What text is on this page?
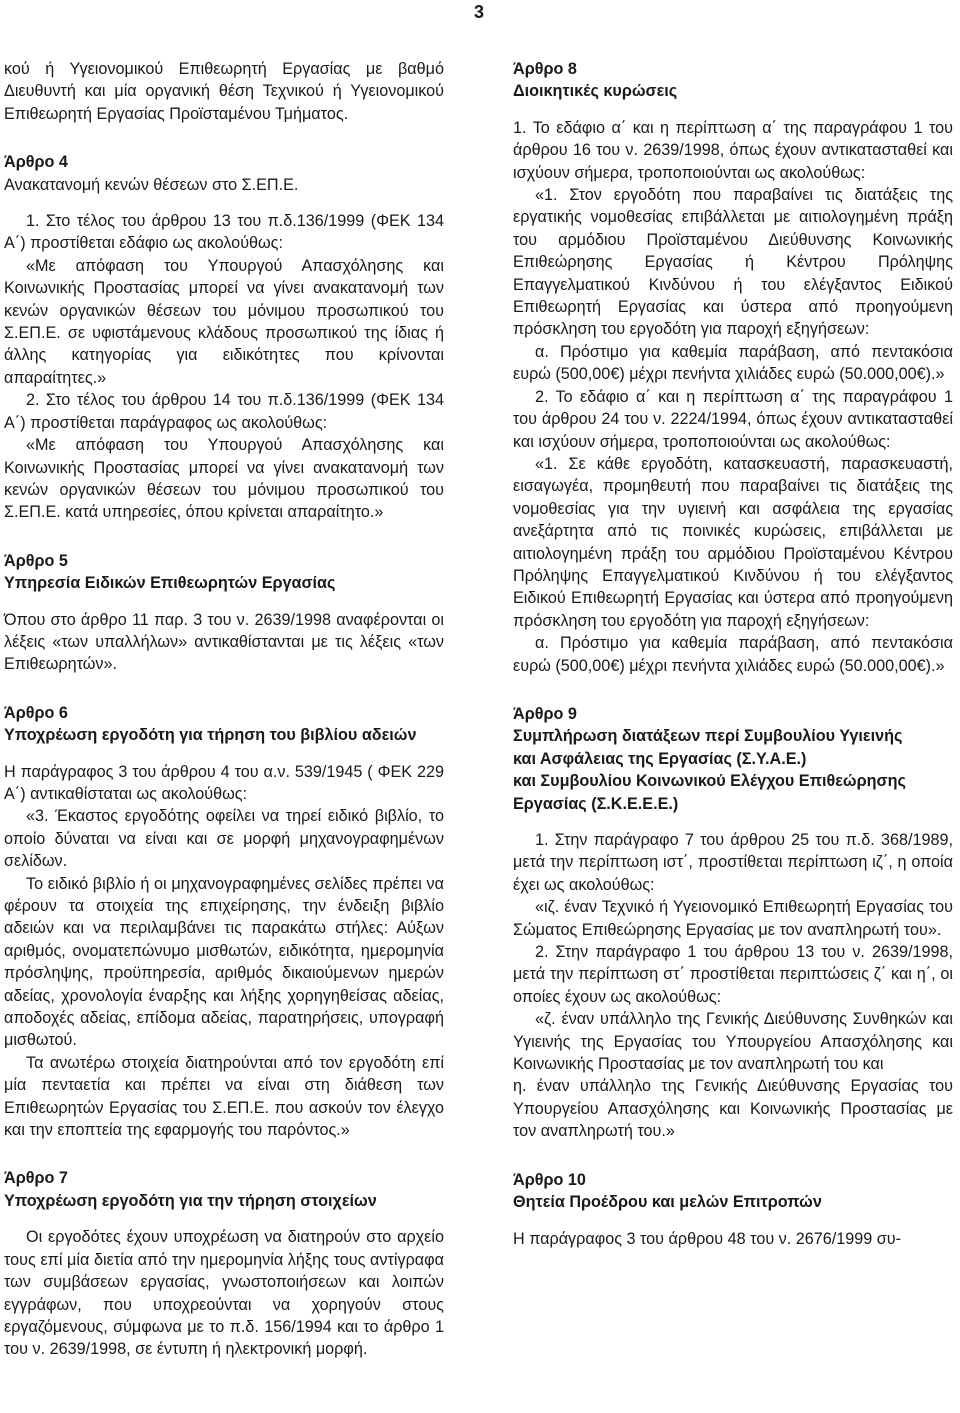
3

κού ή Υγειονομικού Επιθεωρητή Εργασίας με βαθμό Διευθυντή και μία οργανική θέση Τεχνικού ή Υγειονομικού Επιθεωρητή Εργασίας Προϊσταμένου Τμήματος.

Άρθρο 4

Ανακατανομή κενών θέσεων στο Σ.ΕΠ.Ε.

1. Στο τέλος του άρθρου 13 του π.δ.136/1999 (ΦΕΚ 134 Α΄) προστίθεται εδάφιο ως ακολούθως:

«Με απόφαση του Υπουργού Απασχόλησης και Κοινωνικής Προστασίας μπορεί να γίνει ανακατανομή των κενών οργανικών θέσεων του μόνιμου προσωπικού του Σ.ΕΠ.Ε. σε υφιστάμενους κλάδους προσωπικού της ίδιας ή άλλης κατηγορίας για ειδικότητες που κρίνονται απαραίτητες.»

2. Στο τέλος του άρθρου 14 του π.δ.136/1999 (ΦΕΚ 134 Α΄) προστίθεται παράγραφος ως ακολούθως:

«Με απόφαση του Υπουργού Απασχόλησης και Κοινωνικής Προστασίας μπορεί να γίνει ανακατανομή των κενών οργανικών θέσεων του μόνιμου προσωπικού του Σ.ΕΠ.Ε. κατά υπηρεσίες, όπου κρίνεται απαραίτητο.»

Άρθρο 5

Υπηρεσία Ειδικών Επιθεωρητών Εργασίας

Όπου στο άρθρο 11 παρ. 3 του ν. 2639/1998 αναφέρονται οι λέξεις «των υπαλλήλων» αντικαθίστανται με τις λέξεις «των Επιθεωρητών».

Άρθρο 6

Υποχρέωση εργοδότη για τήρηση του βιβλίου αδειών

Η παράγραφος 3 του άρθρου 4 του α.ν. 539/1945 ( ΦΕΚ 229 Α΄) αντικαθίσταται ως ακολούθως:

«3. Έκαστος εργοδότης οφείλει να τηρεί ειδικό βιβλίο, το οποίο δύναται να είναι και σε μορφή μηχανογραφημένων σελίδων.

Το ειδικό βιβλίο ή οι μηχανογραφημένες σελίδες πρέπει να φέρουν τα στοιχεία της επιχείρησης, την ένδειξη βιβλίο αδειών και να περιλαμβάνει τις παρακάτω στήλες: Αύξων αριθμός, ονοματεπώνυμο μισθωτών, ειδικότητα, ημερομηνία πρόσληψης, προϋπηρεσία, αριθμός δικαιούμενων ημερών αδείας, χρονολογία έναρξης και λήξης χορηγηθείσας αδείας, αποδοχές αδείας, επίδομα αδείας, παρατηρήσεις, υπογραφή μισθωτού.

Τα ανωτέρω στοιχεία διατηρούνται από τον εργοδότη επί μία πενταετία και πρέπει να είναι στη διάθεση των Επιθεωρητών Εργασίας του Σ.ΕΠ.Ε. που ασκούν τον έλεγχο και την εποπτεία της εφαρμογής του παρόντος.»

Άρθρο 7

Υποχρέωση εργοδότη για την τήρηση στοιχείων

Οι εργοδότες έχουν υποχρέωση να διατηρούν στο αρχείο τους επί μία διετία από την ημερομηνία λήξης τους αντίγραφα των συμβάσεων εργασίας, γνωστοποιήσεων και λοιπών εγγράφων, που υποχρεούνται να χορηγούν στους εργαζόμενους, σύμφωνα με το π.δ. 156/1994 και το άρθρο 1 του ν. 2639/1998, σε έντυπη ή ηλεκτρονική μορφή.

Άρθρο 8

Διοικητικές κυρώσεις

1. Το εδάφιο α΄ και η περίπτωση α΄ της παραγράφου 1 του άρθρου 16 του ν. 2639/1998, όπως έχουν αντικατασταθεί και ισχύουν σήμερα, τροποποιούνται ως ακολούθως:

«1. Στον εργοδότη που παραβαίνει τις διατάξεις της εργατικής νομοθεσίας επιβάλλεται με αιτιολογημένη πράξη του αρμόδιου Προϊσταμένου Διεύθυνσης Κοινωνικής Επιθεώρησης Εργασίας ή Κέντρου Πρόληψης Επαγγελματικού Κινδύνου ή του ελέγξαντος Ειδικού Επιθεωρητή Εργασίας και ύστερα από προηγούμενη πρόσκληση του εργοδότη για παροχή εξηγήσεων:

α. Πρόστιμο για καθεμία παράβαση, από πεντακόσια ευρώ (500,00€) μέχρι πενήντα χιλιάδες ευρώ (50.000,00€).»

2. Το εδάφιο α΄ και η περίπτωση α΄ της παραγράφου 1 του άρθρου 24 του ν. 2224/1994, όπως έχουν αντικατασταθεί και ισχύουν σήμερα, τροποποιούνται ως ακολούθως:

«1. Σε κάθε εργοδότη, κατασκευαστή, παρασκευαστή, εισαγωγέα, προμηθευτή που παραβαίνει τις διατάξεις της νομοθεσίας για την υγιεινή και ασφάλεια της εργασίας ανεξάρτητα από τις ποινικές κυρώσεις, επιβάλλεται με αιτιολογημένη πράξη του αρμόδιου Προϊσταμένου Κέντρου Πρόληψης Επαγγελματικού Κινδύνου ή του ελέγξαντος Ειδικού Επιθεωρητή Εργασίας και ύστερα από προηγούμενη πρόσκληση του εργοδότη για παροχή εξηγήσεων:

α. Πρόστιμο για καθεμία παράβαση, από πεντακόσια ευρώ (500,00€) μέχρι πενήντα χιλιάδες ευρώ (50.000,00€).»

Άρθρο 9

Συμπλήρωση διατάξεων περί Συμβουλίου Υγιεινής

και Ασφάλειας της Εργασίας (Σ.Υ.Α.Ε.)

και Συμβουλίου Κοινωνικού Ελέγχου Επιθεώρησης

Εργασίας (Σ.Κ.Ε.Ε.Ε.)

1. Στην παράγραφο 7 του άρθρου 25 του π.δ. 368/1989, μετά την περίπτωση ιστ΄, προστίθεται περίπτωση ιζ΄, η οποία έχει ως ακολούθως:

«ιζ. έναν Τεχνικό ή Υγειονομικό Επιθεωρητή Εργασίας του Σώματος Επιθεώρησης Εργασίας με τον αναπληρωτή του».

2. Στην παράγραφο 1 του άρθρου 13 του ν. 2639/1998, μετά την περίπτωση στ΄ προστίθεται περιπτώσεις ζ΄ και η΄, οι οποίες έχουν ως ακολούθως:

«ζ. έναν υπάλληλο της Γενικής Διεύθυνσης Συνθηκών και Υγιεινής της Εργασίας του Υπουργείου Απασχόλησης και Κοινωνικής Προστασίας με τον αναπληρωτή του και

η. έναν υπάλληλο της Γενικής Διεύθυνσης Εργασίας του Υπουργείου Απασχόλησης και Κοινωνικής Προστασίας με τον αναπληρωτή του.»

Άρθρο 10

Θητεία Προέδρου και μελών Επιτροπών

Η παράγραφος 3 του άρθρου 48 του ν. 2676/1999 συ-
